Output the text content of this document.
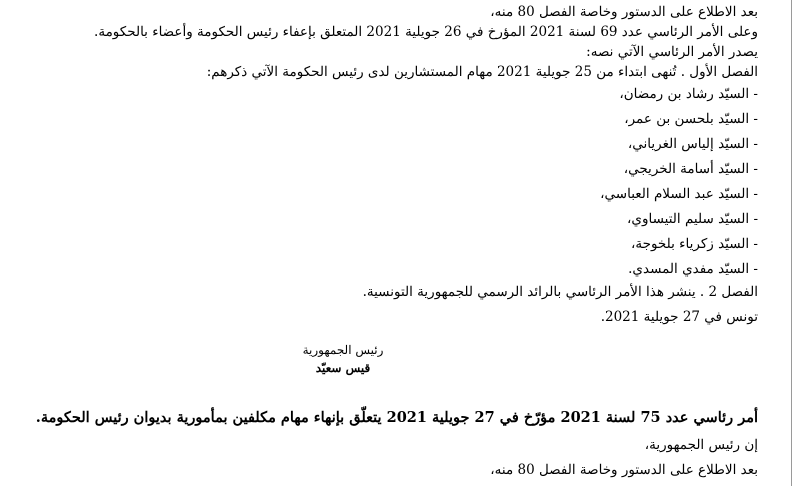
بعد الاطلاع على الدستور وخاصة الفصل 80 منه،
وعلى الأمر الرئاسي عدد 69 لسنة 2021 المؤرخ في 26 جويلية 2021 المتعلق بإعفاء رئيس الحكومة وأعضاء بالحكومة.
يصدر الأمر الرئاسي الآتي نصه:
الفصل الأول . تُنهى ابتداء من 25 جويلية 2021 مهام المستشارين لدى رئيس الحكومة الآتي ذكرهم:
- السيّد رشاد بن رمضان،
- السيّد بلحسن بن عمر،
- السيّد إلياس الغرياني،
- السيّد أسامة الخريجي،
- السيّد عبد السلام العباسي،
- السيّد سليم التيساوي،
- السيّد زكرياء بلخوجة،
- السيّد مفدي المسدي.
الفصل 2 . ينشر هذا الأمر الرئاسي بالرائد الرسمي للجمهورية التونسية.
تونس في 27 جويلية 2021.
رئيس الجمهورية
قيس سعيّد
أمر رئاسي عدد 75 لسنة 2021 مؤرّخ في 27 جويلية 2021 يتعلّق بإنهاء مهام مكلفين بمأمورية بديوان رئيس الحكومة.
إن رئيس الجمهورية،
بعد الاطلاع على الدستور وخاصة الفصل 80 منه،
